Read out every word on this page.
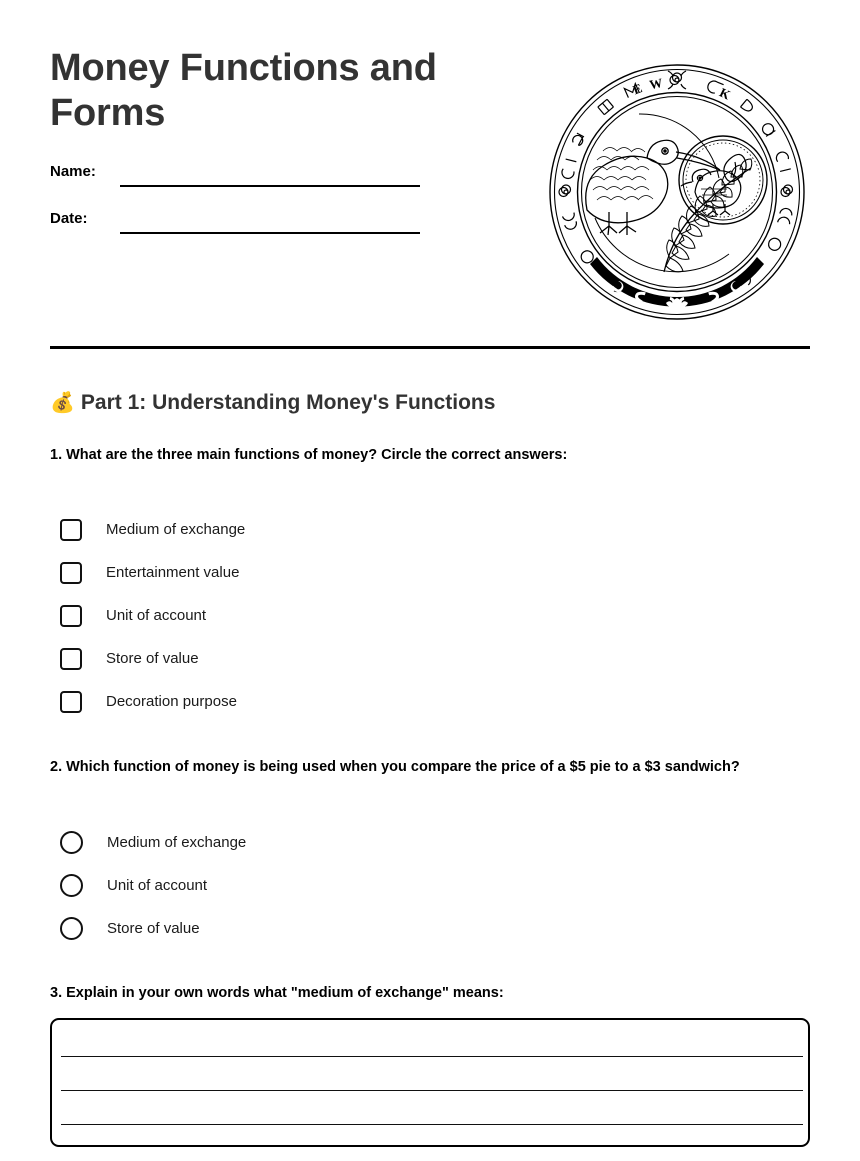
Money Functions and Forms
Name:
Date:
E W
K
💰 Part 1: Understanding Money's Functions
1. What are the three main functions of money? Circle the correct answers:
Medium of exchange
Entertainment value
Unit of account
Store of value
Decoration purpose
2. Which function of money is being used when you compare the price of a $5 pie to a $3 sandwich?
Medium of exchange
Unit of account
Store of value
3. Explain in your own words what "medium of exchange" means:
